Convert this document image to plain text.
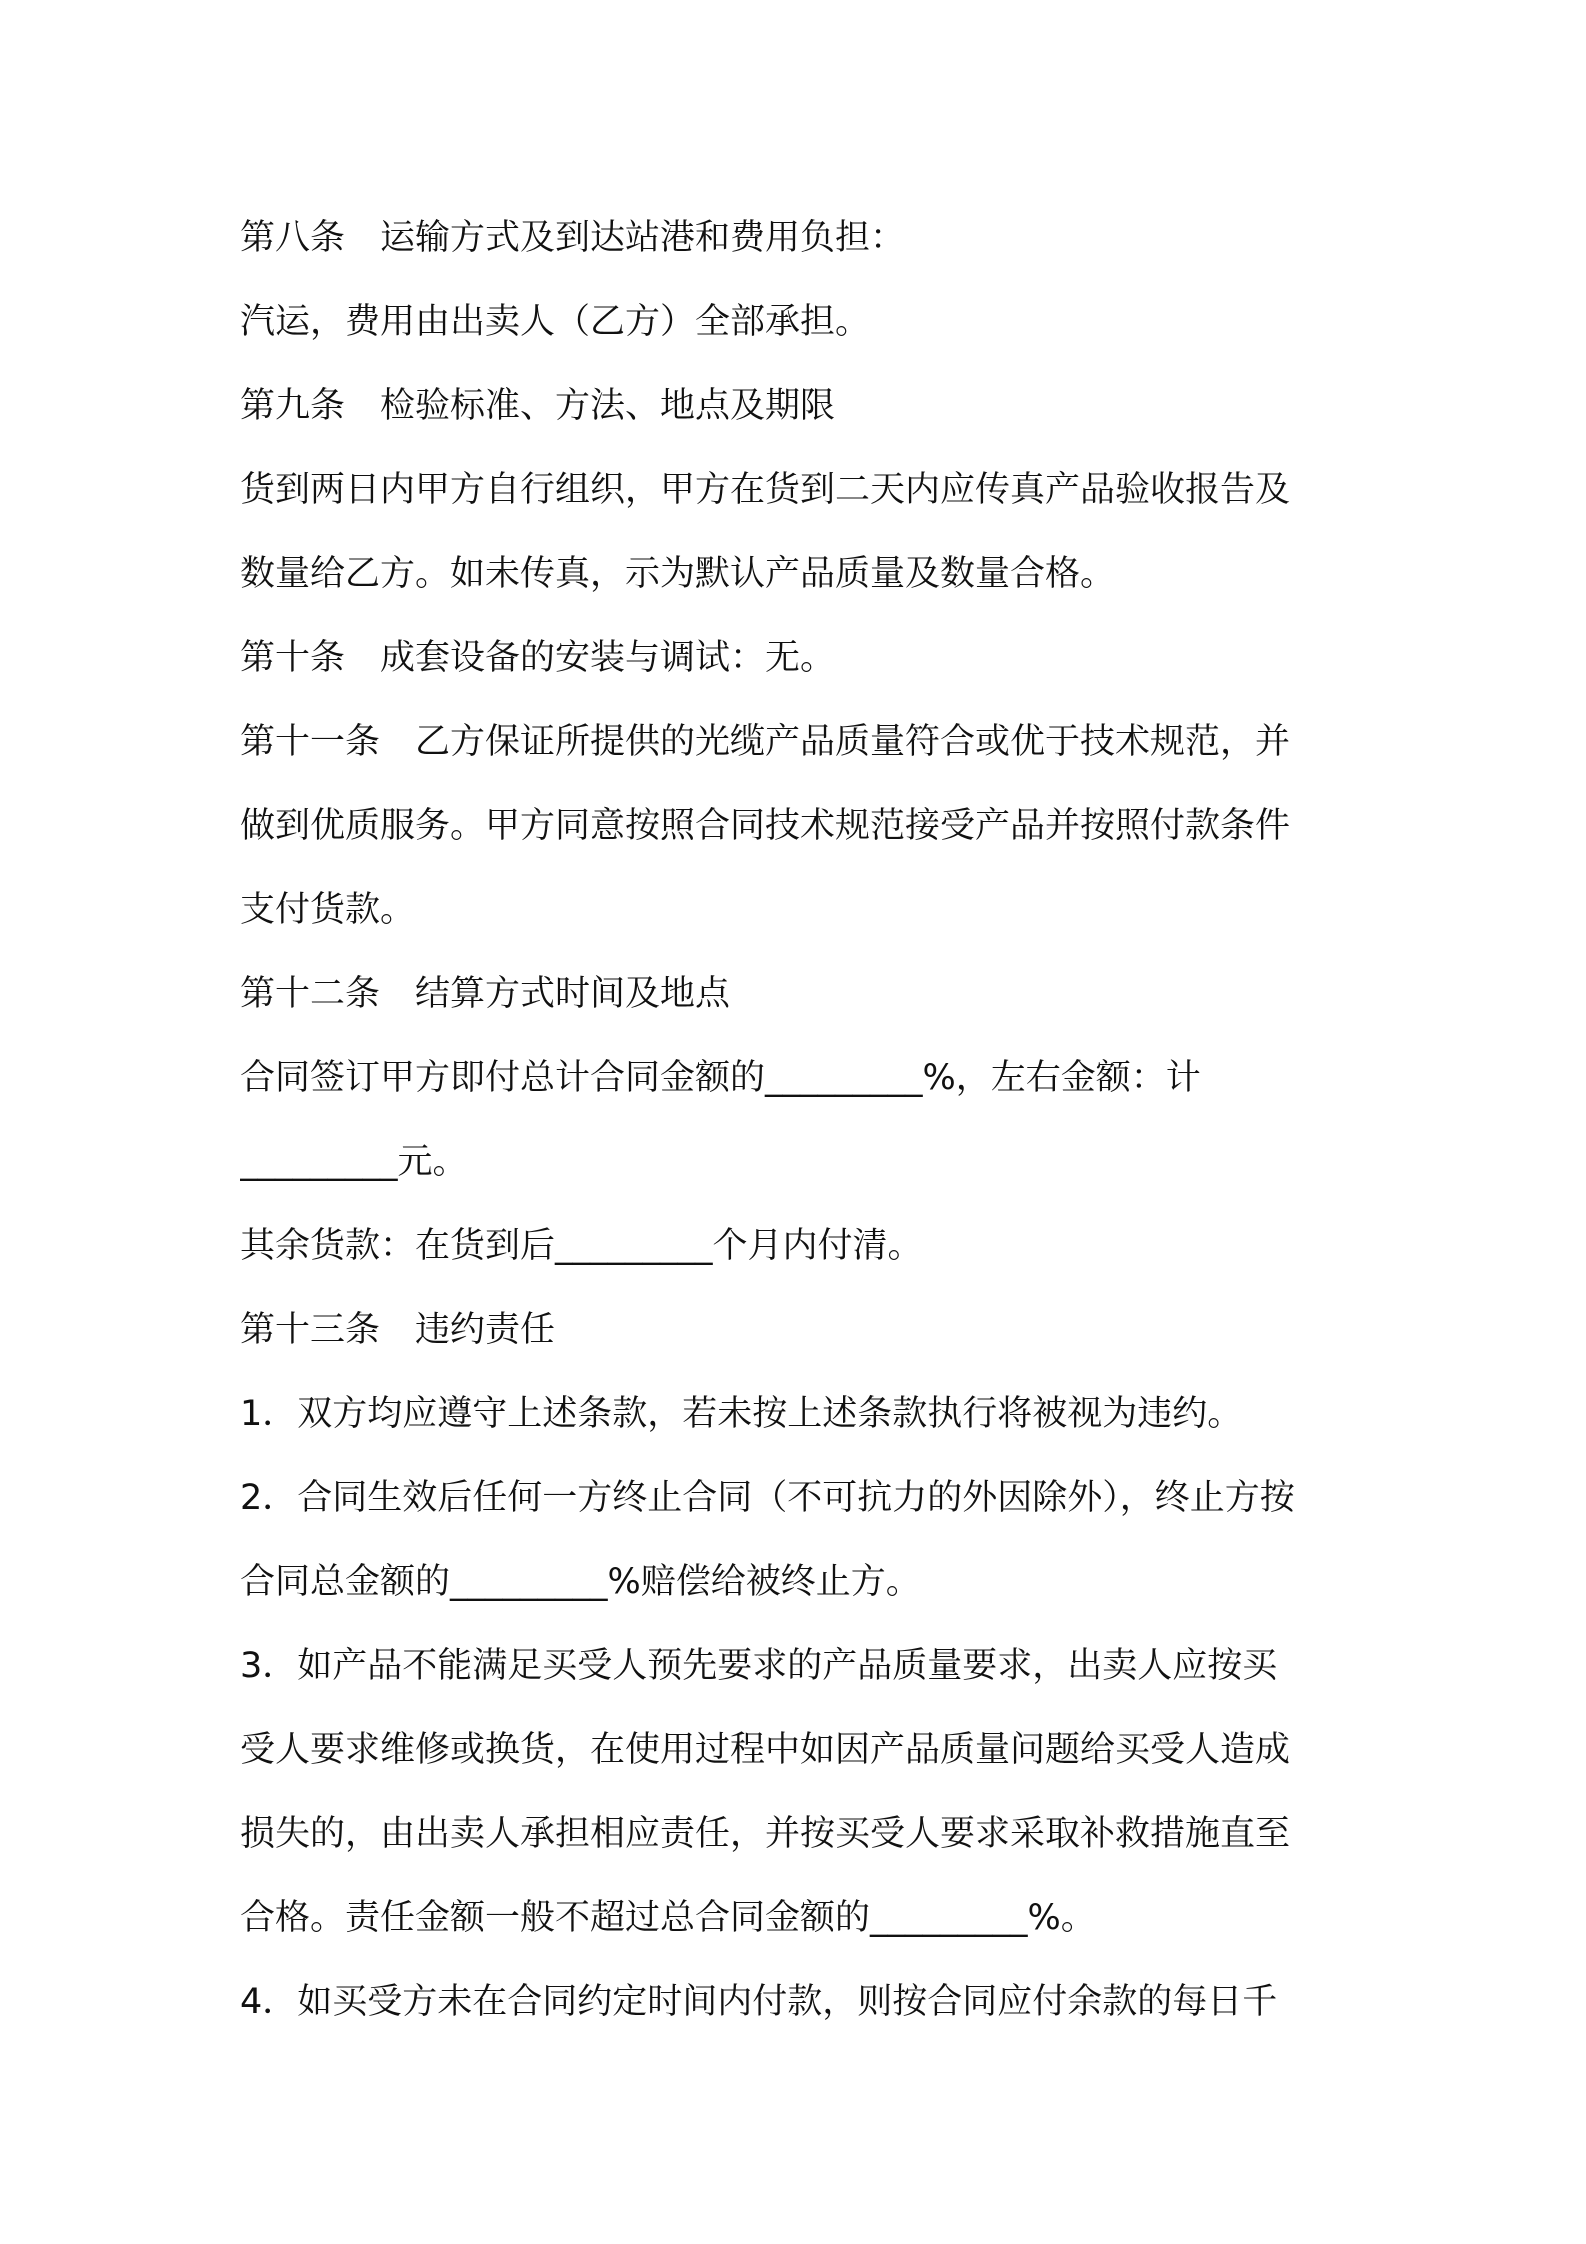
第八条　运输方式及到达站港和费用负担：
汽运，费用由出卖人（乙方）全部承担。
第九条　检验标准、方法、地点及期限
货到两日内甲方自行组织，甲方在货到二天内应传真产品验收报告及
数量给乙方。如未传真，示为默认产品质量及数量合格。
第十条　成套设备的安装与调试：无。
第十一条　乙方保证所提供的光缆产品质量符合或优于技术规范，并
做到优质服务。甲方同意按照合同技术规范接受产品并按照付款条件
支付货款。
第十二条　结算方式时间及地点
合同签订甲方即付总计合同金额的_________%，左右金额：计
_________元。
其余货款：在货到后_________个月内付清。
第十三条　违约责任
1．双方均应遵守上述条款，若未按上述条款执行将被视为违约。
2．合同生效后任何一方终止合同（不可抗力的外因除外），终止方按
合同总金额的_________%赔偿给被终止方。
3．如产品不能满足买受人预先要求的产品质量要求，出卖人应按买
受人要求维修或换货，在使用过程中如因产品质量问题给买受人造成
损失的，由出卖人承担相应责任，并按买受人要求采取补救措施直至
合格。责任金额一般不超过总合同金额的_________%。
4．如买受方未在合同约定时间内付款，则按合同应付余款的每日千
